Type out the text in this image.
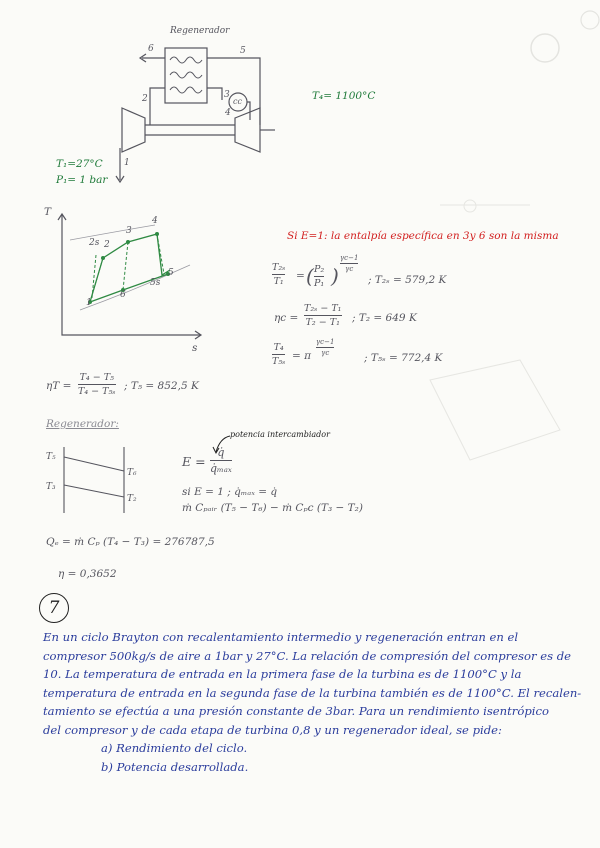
Regenerador
6	5
2	3
4
1
cc
T₁=27°C
P₁= 1 bar
T₄= 1100°C
T
s
1
2s 2
3
4
5s
5
6
Si E=1: la entalpía específica en 3y 6 son la misma
T₂ₛ
T₁ = ( P₂
P₁ )
γc−1
γc
; T₂ₛ = 579,2 K
ηc =
T₂ₛ − T₁
T₂ − T₁ ; T₂ = 649 K
T₄
T₅ₛ = π
γc−1
γc	; T₅ₛ = 772,4 K
ηT =
T₄ − T₅
T₄ − T₅ₛ ; T₅ = 852,5 K
Regenerador:
T₅
T₃
T₆
T₂
potencia intercambiador
E =
q̇
q̇ₘₐₓ
si E = 1 ; q̇ₘₐₓ = q̇
ṁ Cₚₐᵢᵣ (T₅ − T₆) − ṁ Cₚc (T₃ − T₂)
Qₑ = ṁ Cₚ (T₄ − T₃) = 276787,5
η = 0,3652
7
En un ciclo Brayton con recalentamiento intermedio y regeneración entran en el
compresor 500kg/s de aire a 1bar y 27°C. La relación de compresión del compresor es de
10. La temperatura de entrada en la primera fase de la turbina es de 1100°C y la
temperatura de entrada en la segunda fase de la turbina también es de 1100°C. El recalen-
tamiento se efectúa a una presión constante de 3bar. Para un rendimiento isentrópico
del compresor y de cada etapa de turbina 0,8 y un regenerador ideal, se pide:
a) Rendimiento del ciclo.
b) Potencia desarrollada.
